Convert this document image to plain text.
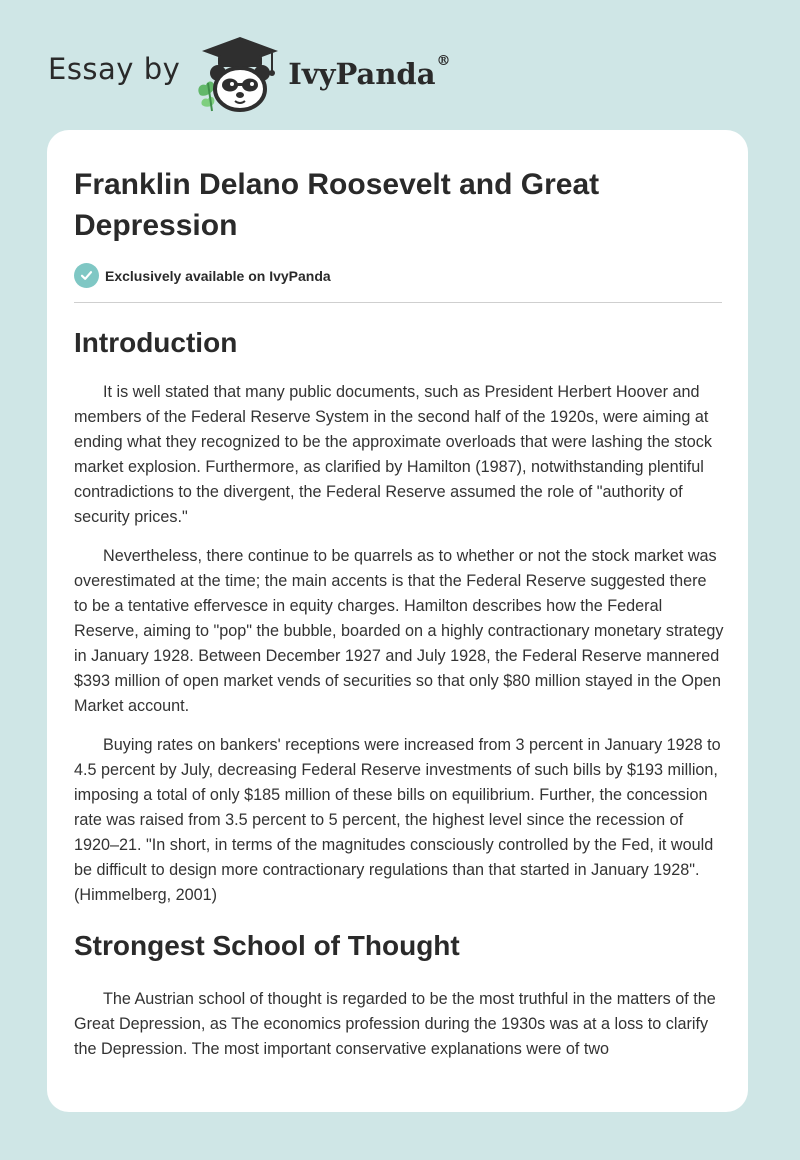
Essay by	IvyPanda®
Franklin Delano Roosevelt and Great Depression
Exclusively available on IvyPanda
Introduction

It is well stated that many public documents, such as President Herbert Hoover and members of the Federal Reserve System in the second half of the 1920s, were aiming at ending what they recognized to be the approximate overloads that were lashing the stock market explosion. Furthermore, as clarified by Hamilton (1987), notwithstanding plentiful contradictions to the divergent, the Federal Reserve assumed the role of "authority of security prices."

Nevertheless, there continue to be quarrels as to whether or not the stock market was overestimated at the time; the main accents is that the Federal Reserve suggested there to be a tentative effervesce in equity charges. Hamilton describes how the Federal Reserve, aiming to "pop" the bubble, boarded on a highly contractionary monetary strategy in January 1928. Between December 1927 and July 1928, the Federal Reserve mannered $393 million of open market vends of securities so that only $80 million stayed in the Open Market account.

Buying rates on bankers' receptions were increased from 3 percent in January 1928 to 4.5 percent by July, decreasing Federal Reserve investments of such bills by $193 million, imposing a total of only $185 million of these bills on equilibrium. Further, the concession rate was raised from 3.5 percent to 5 percent, the highest level since the recession of 1920–21. "In short, in terms of the magnitudes consciously controlled by the Fed, it would be difficult to design more contractionary regulations than that started in January 1928". (Himmelberg, 2001)

Strongest School of Thought

The Austrian school of thought is regarded to be the most truthful in the matters of the Great Depression, as The economics profession during the 1930s was at a loss to clarify the Depression. The most important conservative explanations were of two
